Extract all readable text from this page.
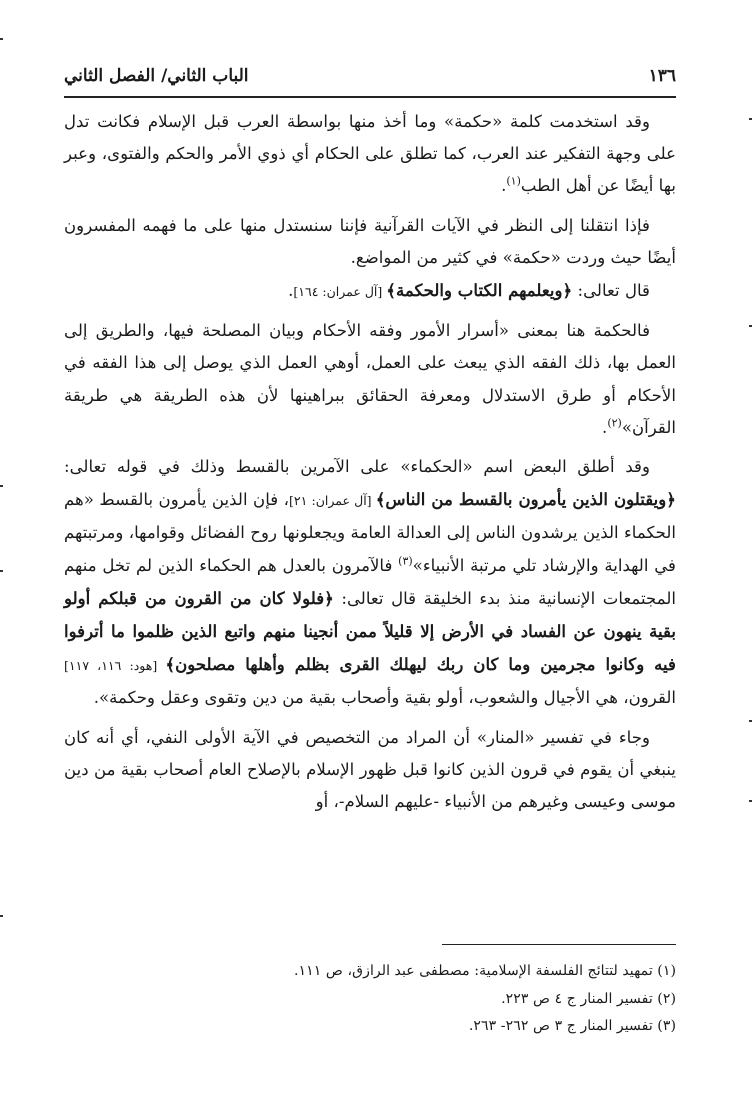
١٣٦
الباب الثاني/ الفصل الثاني

وقد استخدمت كلمة «حكمة» وما أخذ منها بواسطة العرب قبل الإسلام فكانت تدل على وجهة التفكير عند العرب، كما تطلق على الحكام أي ذوي الأمر والحكم والفتوى، وعبر بها أيضًا عن أهل الطب$^{(١)}$.

فإذا انتقلنا إلى النظر في الآيات القرآنية فإننا سنستدل منها على ما فهمه المفسرون أيضًا حيث وردت «حكمة» في كثير من المواضع.

قال تعالى: ﴿ويعلمهم الكتاب والحكمة﴾ [آل عمران: ١٦٤].

فالحكمة هنا بمعنى «أسرار الأمور وفقه الأحكام وبيان المصلحة فيها، والطريق إلى العمل بها، ذلك الفقه الذي يبعث على العمل، أوهي العمل الذي يوصل إلى هذا الفقه في الأحكام أو طرق الاستدلال ومعرفة الحقائق ببراهينها لأن هذه الطريقة هي طريقة القرآن»$^{(٢)}$.

وقد أطلق البعض اسم «الحكماء» على الآمرين بالقسط وذلك في قوله تعالى: ﴿ويقتلون الذين يأمرون بالقسط من الناس﴾ [آل عمران: ٢١]، فإن الذين يأمرون بالقسط «هم الحكماء الذين يرشدون الناس إلى العدالة العامة ويجعلونها روح الفضائل وقوامها، ومرتبتهم في الهداية والإرشاد تلي مرتبة الأنبياء»$^{(٣)}$ فالآمرون بالعدل هم الحكماء الذين لم تخل منهم المجتمعات الإنسانية منذ بدء الخليقة قال تعالى: ﴿فلولا كان من القرون من قبلكم أولو بقية ينهون عن الفساد في الأرض إلا قليلاً ممن أنجينا منهم واتبع الذين ظلموا ما أترفوا فيه وكانوا مجرمين وما كان ربك ليهلك القرى بظلم وأهلها مصلحون﴾ [هود: ١١٦، ١١٧] القرون، هي الأجيال والشعوب، أولو بقية وأصحاب بقية من دين وتقوى وعقل وحكمة».

وجاء في تفسير «المنار» أن المراد من التخصيص في الآية الأولى النفي، أي أنه كان ينبغي أن يقوم في قرون الذين كانوا قبل ظهور الإسلام بالإصلاح العام أصحاب بقية من دين موسى وعيسى وغيرهم من الأنبياء -عليهم السلام-، أو

(١) تمهيد لتتائج الفلسفة الإسلامية: مصطفى عبد الرازق، ص ١١١.
(٢) تفسير المنار ج ٤ ص ٢٢٣.
(٣) تفسير المنار ج ٣ ص ٢٦٢- ٢٦٣.
